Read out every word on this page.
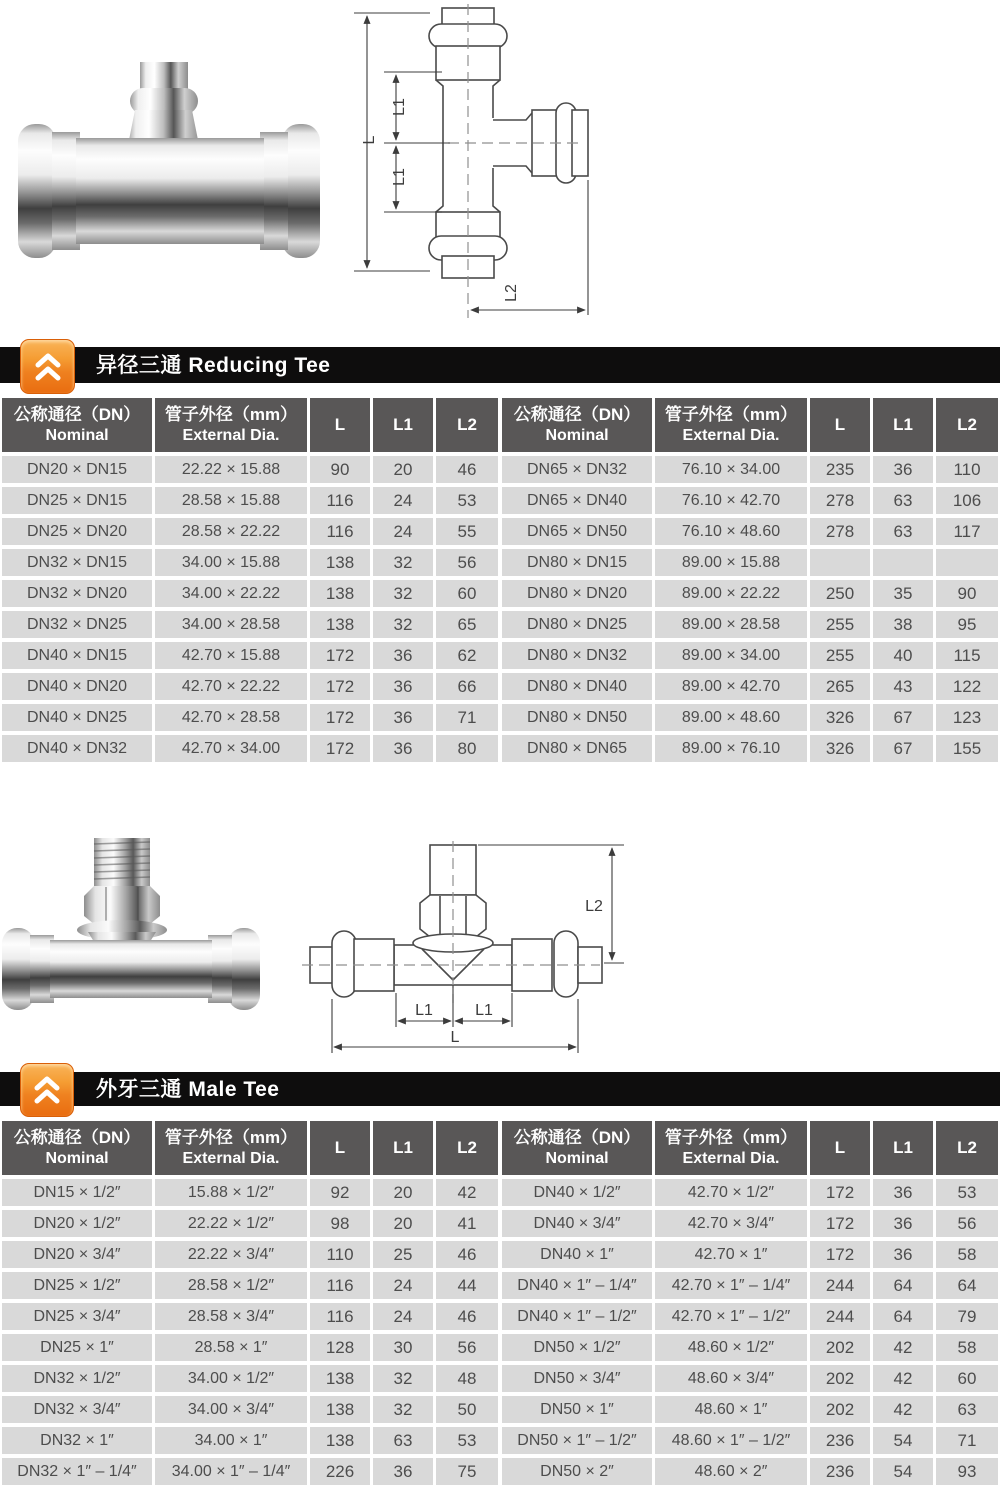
L
L1
L1
L2
异径三通 Reducing Tee
公称通径（DN）
Nominal

管子外径（mm）
External Dia.

L	L1	L2

DN20 × DN15	22.22 × 15.88	90	20	46
DN25 × DN15	28.58 × 15.88	116	24	53
DN25 × DN20	28.58 × 22.22	116	24	55
DN32 × DN15	34.00 × 15.88	138	32	56
DN32 × DN20	34.00 × 22.22	138	32	60
DN32 × DN25	34.00 × 28.58	138	32	65
DN40 × DN15	42.70 × 15.88	172	36	62
DN40 × DN20	42.70 × 22.22	172	36	66
DN40 × DN25	42.70 × 28.58	172	36	71
DN40 × DN32	42.70 × 34.00	172	36	80
公称通径（DN）
Nominal

管子外径（mm）
External Dia.

L	L1	L2

DN65 × DN32	76.10 × 34.00	235	36	110
DN65 × DN40	76.10 × 42.70	278	63	106
DN65 × DN50	76.10 × 48.60	278	63	117
DN80 × DN15	89.00 × 15.88			
DN80 × DN20	89.00 × 22.22	250	35	90
DN80 × DN25	89.00 × 28.58	255	38	95
DN80 × DN32	89.00 × 34.00	255	40	115
DN80 × DN40	89.00 × 42.70	265	43	122
DN80 × DN50	89.00 × 48.60	326	67	123
DN80 × DN65	89.00 × 76.10	326	67	155
L1	L1
L
L2
外牙三通 Male Tee
公称通径（DN）
Nominal

管子外径（mm）
External Dia.

L	L1	L2

DN15 × 1/2″	15.88 × 1/2″	92	20	42
DN20 × 1/2″	22.22 × 1/2″	98	20	41
DN20 × 3/4″	22.22 × 3/4″	110	25	46
DN25 × 1/2″	28.58 × 1/2″	116	24	44
DN25 × 3/4″	28.58 × 3/4″	116	24	46
DN25 × 1″	28.58 × 1″	128	30	56
DN32 × 1/2″	34.00 × 1/2″	138	32	48
DN32 × 3/4″	34.00 × 3/4″	138	32	50
DN32 × 1″	34.00 × 1″	138	63	53
DN32 × 1″ – 1/4″	34.00 × 1″ – 1/4″	226	36	75
公称通径（DN）
Nominal

管子外径（mm）
External Dia.

L	L1	L2

DN40 × 1/2″	42.70 × 1/2″	172	36	53
DN40 × 3/4″	42.70 × 3/4″	172	36	56
DN40 × 1″	42.70 × 1″	172	36	58
DN40 × 1″ – 1/4″	42.70 × 1″ – 1/4″	244	64	64
DN40 × 1″ – 1/2″	42.70 × 1″ – 1/2″	244	64	79
DN50 × 1/2″	48.60 × 1/2″	202	42	58
DN50 × 3/4″	48.60 × 3/4″	202	42	60
DN50 × 1″	48.60 × 1″	202	42	63
DN50 × 1″ – 1/2″	48.60 × 1″ – 1/2″	236	54	71
DN50 × 2″	48.60 × 2″	236	54	93
